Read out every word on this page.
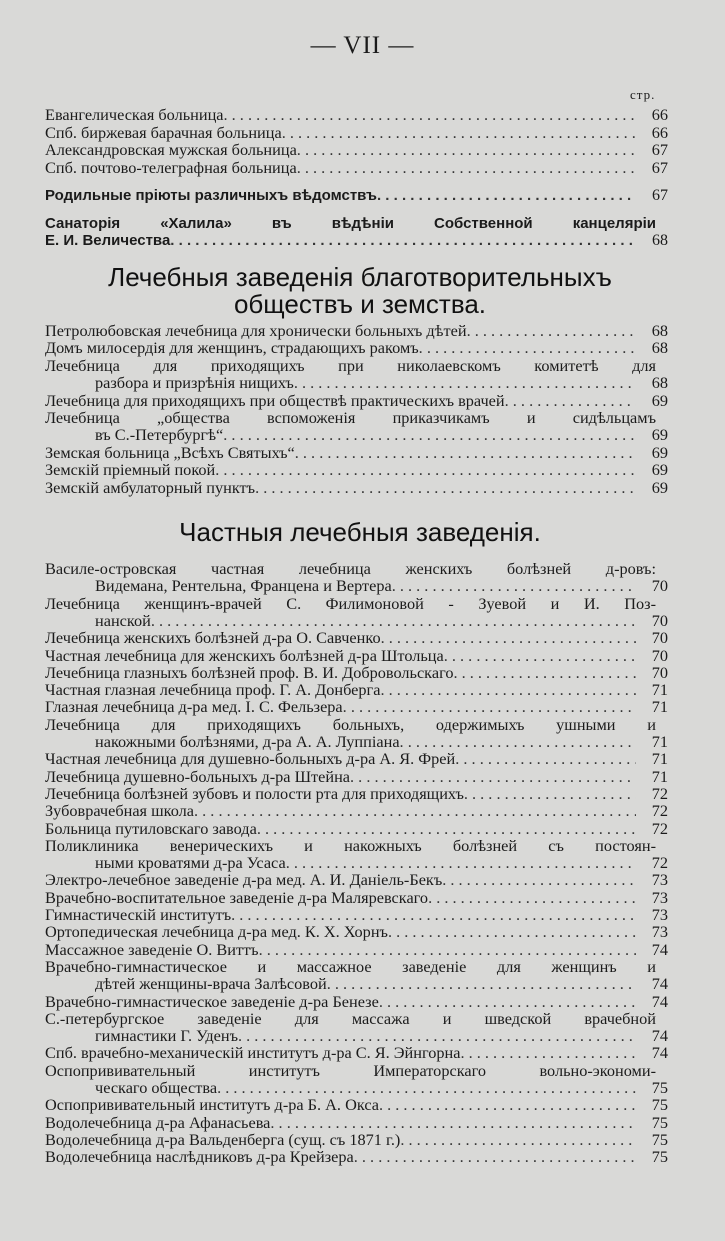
— VII —
стр.
Евангелическая больница . . .	66
Спб. биржевая барачная больница . . .	66
Александровская мужская больница . . .	67
Спб. почтово-телеграфная больница . . .	67
Родильные пріюты различныхъ вѣдомствъ . . .	67
Санаторія «Халила» въ вѣдѣніи Собственной канцеляріи
Е. И. Величества . . .	68
Лечебныя заведенія благотворительныхъ
обществъ и земства.
Петролюбовская лечебница для хронически больныхъ дѣтей . . .	68
Домъ милосердія для женщинъ, страдающихъ ракомъ . . .	68
Лечебница для приходящихъ при николаевскомъ комитетѣ для
разбора и призрѣнія нищихъ . . .	68
Лечебница для приходящихъ при обществѣ практическихъ врачей . . .	69
Лечебница „общества вспоможенія приказчикамъ и сидѣльцамъ
въ С.-Петербургѣ“ . . .	69
Земская больница „Всѣхъ Святыхъ“ . . .	69
Земскій пріемный покой . . .	69
Земскій амбулаторный пунктъ . . .	69
Частныя лечебныя заведенія.
Василе-островская частная лечебница женскихъ болѣзней д-ровъ:
Видемана, Рентельна, Францена и Вертера . . .	70
Лечебница женщинъ-врачей С. Филимоновой - Зуевой и И. Поз-
нанской . . .	70
Лечебница женскихъ болѣзней д-ра О. Савченко . . .	70
Частная лечебница для женскихъ болѣзней д-ра Штольца . . .	70
Лечебница глазныхъ болѣзней проф. В. И. Добровольскаго . . .	70
Частная глазная лечебница проф. Г. А. Донберга . . .	71
Глазная лечебница д-ра мед. І. С. Фельзера . . .	71
Лечебница для приходящихъ больныхъ, одержимыхъ ушными и
накожными болѣзнями, д-ра А. А. Луппіана . . .	71
Частная лечебница для душевно-больныхъ д-ра А. Я. Фрей . . .	71
Лечебница душевно-больныхъ д-ра Штейна . . .	71
Лечебница болѣзней зубовъ и полости рта для приходящихъ . . .	72
Зубоврачебная школа . . .	72
Больница путиловскаго завода . . .	72
Поликлиника венерическихъ и накожныхъ болѣзней съ постоян-
ными кроватями д-ра Усаса . . .	72
Электро-лечебное заведеніе д-ра мед. А. И. Даніель-Бекъ . . .	73
Врачебно-воспитательное заведеніе д-ра Маляревскаго . . .	73
Гимнастическій институтъ . . .	73
Ортопедическая лечебница д-ра мед. К. Х. Хорнъ . . .	73
Массажное заведеніе О. Виттъ . . .	74
Врачебно-гимнастическое и массажное заведеніе для женщинъ и
дѣтей женщины-врача Залѣсовой . . .	74
Врачебно-гимнастическое заведеніе д-ра Бенезе . . .	74
С.-петербургское заведеніе для массажа и шведской врачебной
гимнастики Г. Уденъ . . .	74
Спб. врачебно-механическій институтъ д-ра С. Я. Эйнгорна . . .	74
Оспопрививательный институтъ Императорскаго вольно-экономи-
ческаго общества . . .	75
Оспопрививательный институтъ д-ра Б. А. Окса . . .	75
Водолечебница д-ра Афанасьева . . .	75
Водолечебница д-ра Вальденберга (сущ. съ 1871 г.) . . .	75
Водолечебница наслѣдниковъ д-ра Крейзера . . .	75
